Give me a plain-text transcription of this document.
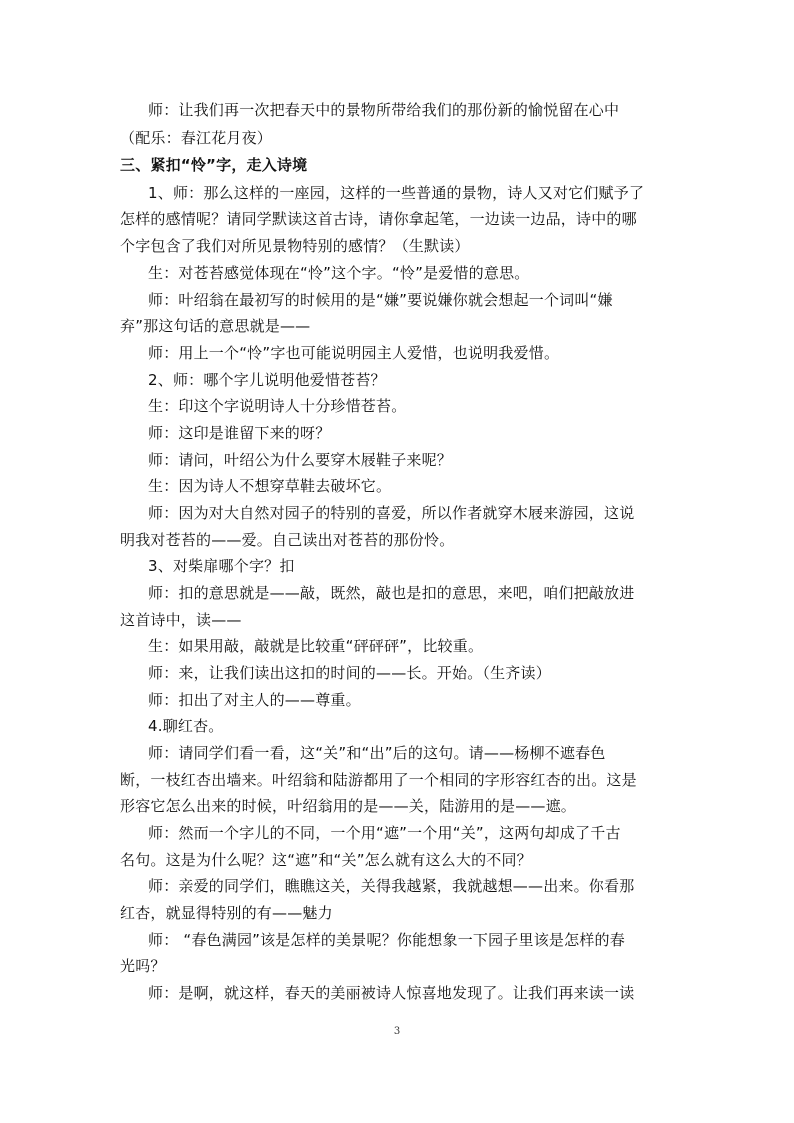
师：让我们再一次把春天中的景物所带给我们的那份新的愉悦留在心中
（配乐：春江花月夜）
三、紧扣“怜”字，走入诗境
1、师：那么这样的一座园，这样的一些普通的景物，诗人又对它们赋予了
怎样的感情呢？请同学默读这首古诗，请你拿起笔，一边读一边品，诗中的哪
个字包含了我们对所见景物特别的感情？（生默读）
生：对苍苔感觉体现在“怜”这个字。“怜”是爱惜的意思。
师：叶绍翁在最初写的时候用的是“嫌”要说嫌你就会想起一个词叫“嫌
弃”那这句话的意思就是——
师：用上一个“怜”字也可能说明园主人爱惜，也说明我爱惜。
2、师：哪个字儿说明他爱惜苍苔？
生：印这个字说明诗人十分珍惜苍苔。
师：这印是谁留下来的呀？
师：请问，叶绍公为什么要穿木屐鞋子来呢？
生：因为诗人不想穿草鞋去破坏它。
师：因为对大自然对园子的特别的喜爱，所以作者就穿木屐来游园，这说
明我对苍苔的——爱。自己读出对苍苔的那份怜。
3、对柴扉哪个字？扣
师：扣的意思就是——敲，既然，敲也是扣的意思，来吧，咱们把敲放进
这首诗中，读——
生：如果用敲，敲就是比较重“砰砰砰”，比较重。
师：来，让我们读出这扣的时间的——长。开始。（生齐读）
师：扣出了对主人的——尊重。
4.聊红杏。
师：请同学们看一看，这“关”和“出”后的这句。请——杨柳不遮春色
断，一枝红杏出墙来。叶绍翁和陆游都用了一个相同的字形容红杏的出。这是
形容它怎么出来的时候，叶绍翁用的是——关，陆游用的是——遮。
师：然而一个字儿的不同，一个用“遮”一个用“关”，这两句却成了千古
名句。这是为什么呢？这“遮”和“关”怎么就有这么大的不同？
师：亲爱的同学们，瞧瞧这关，关得我越紧，我就越想——出来。你看那
红杏，就显得特别的有——魅力
师： “春色满园”该是怎样的美景呢？你能想象一下园子里该是怎样的春
光吗？
师：是啊，就这样，春天的美丽被诗人惊喜地发现了。让我们再来读一读
3
